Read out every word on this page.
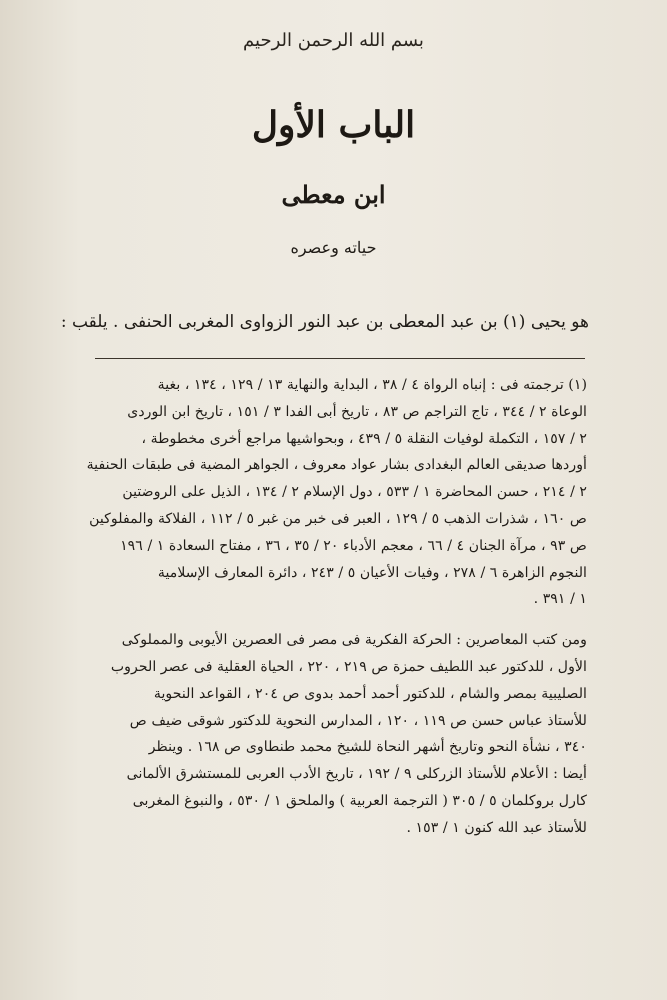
بسم الله الرحمن الرحيم
الباب الأول
ابن معطى
حياته وعصره
هو يحيى (١) بن عبد المعطى بن عبد النور الزواوى المغربى الحنفى . يلقب :
(١) ترجمته فى : إنباه الرواة ٤ / ٣٨ ، البداية والنهاية ١٣ / ١٢٩ ، ١٣٤ ، بغية
الوعاة ٢ / ٣٤٤ ، تاج التراجم ص ٨٣ ، تاريخ أبى الفدا ٣ / ١٥١ ، تاريخ ابن الوردى
٢ / ١٥٧ ، التكملة لوفيات النقلة ٥ / ٤٣٩ ، وبحواشيها مراجع أخرى مخطوطة ،
أوردها صديقى العالم البغدادى بشار عواد معروف ، الجواهر المضية فى طبقات الحنفية
٢ / ٢١٤ ، حسن المحاضرة ١ / ٥٣٣ ، دول الإسلام ٢ / ١٣٤ ، الذيل على الروضتين
ص ١٦٠ ، شذرات الذهب ٥ / ١٢٩ ، العبر فى خبر من غبر ٥ / ١١٢ ، الفلاكة والمفلوكين
ص ٩٣ ، مرآة الجنان ٤ / ٦٦ ، معجم الأدباء ٢٠ / ٣٥ ، ٣٦ ، مفتاح السعادة ١ / ١٩٦
النجوم الزاهرة ٦ / ٢٧٨ ، وفيات الأعيان ٥ / ٢٤٣ ، دائرة المعارف الإسلامية
١ / ٣٩١ .
ومن كتب المعاصرين : الحركة الفكرية فى مصر فى العصرين الأيوبى والمملوكى
الأول ، للدكتور عبد اللطيف حمزة ص ٢١٩ ، ٢٢٠ ، الحياة العقلية فى عصر الحروب
الصليبية بمصر والشام ، للدكتور أحمد أحمد بدوى ص ٢٠٤ ، القواعد النحوية
للأستاذ عباس حسن ص ١١٩ ، ١٢٠ ، المدارس النحوية للدكتور شوقى ضيف ص
٣٤٠ ، نشأة النحو وتاريخ أشهر النحاة للشيخ محمد طنطاوى ص ١٦٨ . وينظر
أيضا : الأعلام للأستاذ الزركلى ٩ / ١٩٢ ، تاريخ الأدب العربى للمستشرق الألمانى
كارل بروكلمان ٥ / ٣٠٥ ( الترجمة العربية ) والملحق ١ / ٥٣٠ ، والنبوغ المغربى
للأستاذ عبد الله كنون ١ / ١٥٣ .
